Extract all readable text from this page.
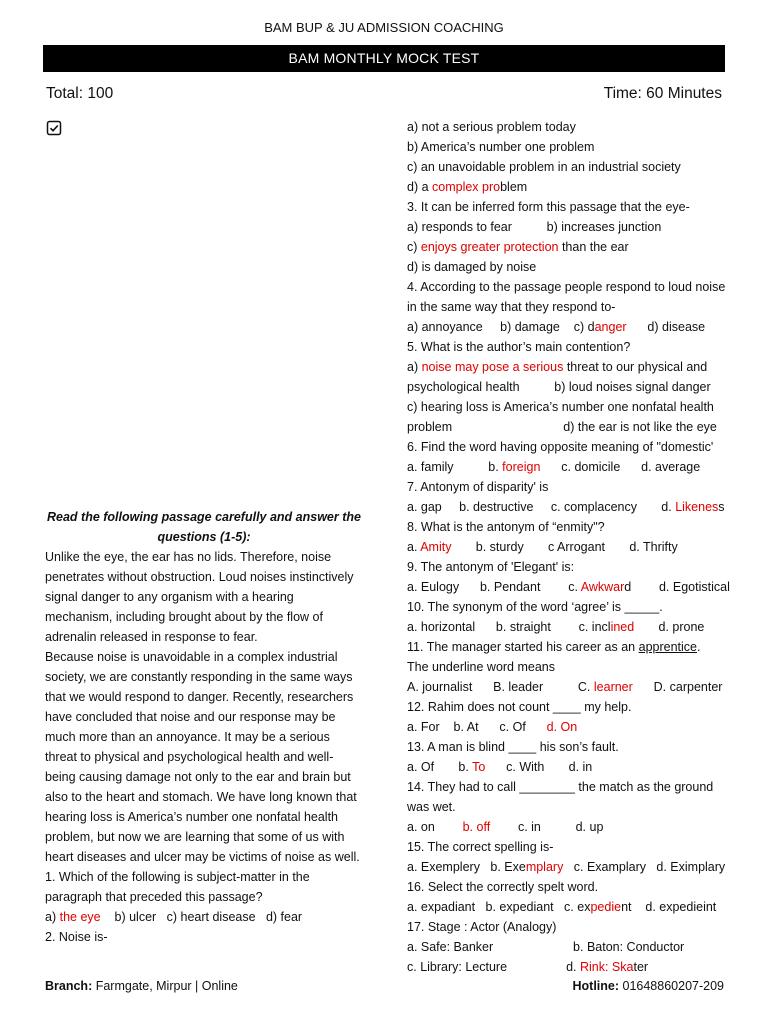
BAM BUP & JU ADMISSION COACHING
BAM MONTHLY MOCK TEST
Total: 100	Time: 60 Minutes
Read the following passage carefully and answer the questions (1-5):
Unlike the eye, the ear has no lids. Therefore, noise penetrates without obstruction. Loud noises instinctively signal danger to any organism with a hearing mechanism, including brought about by the flow of adrenalin released in response to fear.
Because noise is unavoidable in a complex industrial society, we are constantly responding in the same ways that we would respond to danger. Recently, researchers have concluded that noise and our response may be much more than an annoyance. It may be a serious threat to physical and psychological health and well-being causing damage not only to the ear and brain but also to the heart and stomach. We have long known that hearing loss is America’s number one nonfatal health problem, but now we are learning that some of us with heart diseases and ulcer may be victims of noise as well.
1. Which of the following is subject-matter in the paragraph that preceded this passage?
a) the eye b) ulcer   c) heart disease   d) fear
2. Noise is-
a) not a serious problem today
b) America’s number one problem
c) an unavoidable problem in an industrial society
d) a complex problem
3. It can be inferred form this passage that the eye-
a) responds to fear          b) increases junction
c) enjoys greater protection than the ear
d) is damaged by noise
4. According to the passage people respond to loud noise in the same way that they respond to-
a) annoyance     b) damage    c) danger      d) disease
5. What is the author’s main contention?
a) noise may pose a serious threat to our physical and
psychological health          b) loud noises signal danger
c) hearing loss is America’s number one nonfatal health
problem                                d) the ear is not like the eye
6. Find the word having opposite meaning of "domestic'
a. family          b. foreign      c. domicile      d. average
7. Antonym of disparity' is
a. gap     b. destructive     c. complacency       d. Likeness
8. What is the antonym of “enmity"?
a. Amity       b. sturdy       c Arrogant       d. Thrifty
9. The antonym of 'Elegant' is:
a. Eulogy      b. Pendant        c. Awkward        d. Egotistical
10. The synonym of the word ‘agree’ is _____.
a. horizontal      b. straight        c. inclined       d. prone
11. The manager started his career as an apprentice.
The underline word means
A. journalist      B. leader          C. learner      D. carpenter
12. Rahim does not count ____ my help.
a. For    b. At      c. Of      d. On
13. A man is blind ____ his son’s fault.
a. Of       b. To      c. With       d. in
14. They had to call ________ the match as the ground was wet.
a. on        b. off        c. in          d. up
15. The correct spelling is-
a. Exemplery   b. Exemplary   c. Examplary   d. Eximplary
16. Select the correctly spelt word.
a. expadiant   b. expediant   c. expedient    d. expedieint
17. Stage : Actor (Analogy)
a. Safe: Banker                       b. Baton: Conductor
c. Library: Lecture                 d. Rink: Skater
Branch: Farmgate, Mirpur | Online	Hotline: 01648860207-209
